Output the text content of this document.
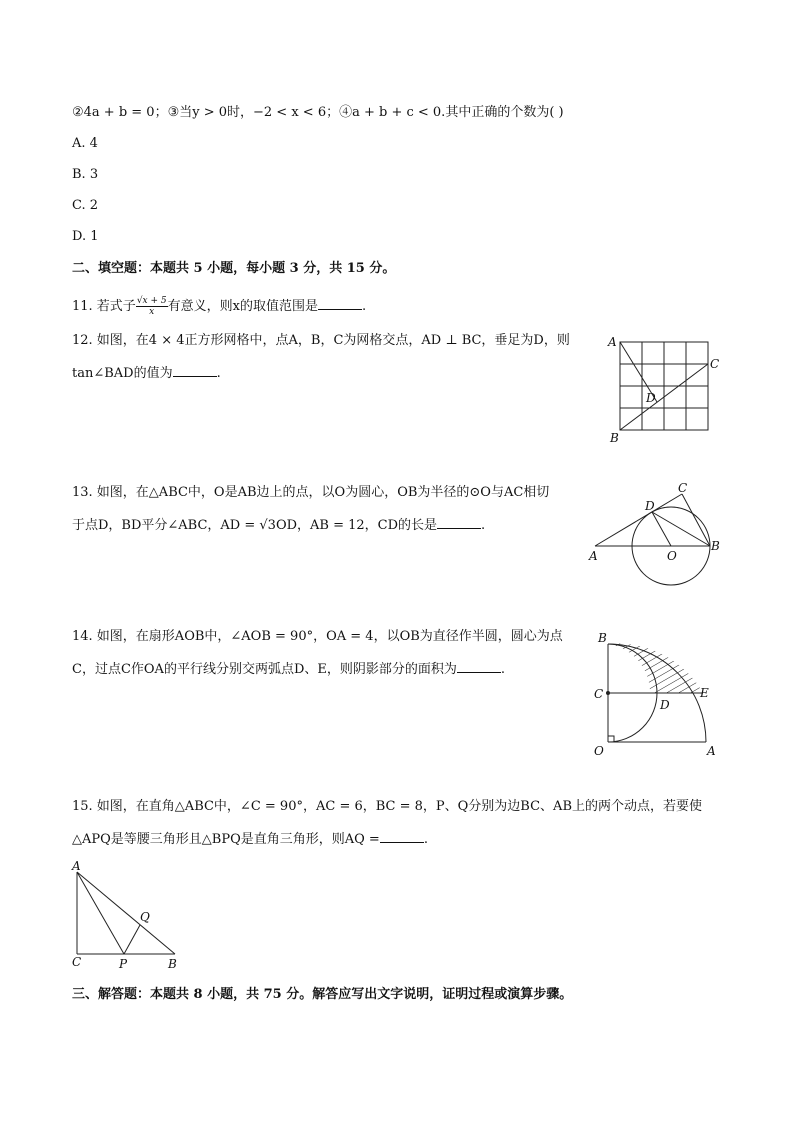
②4a + b = 0；③当y > 0时，−2 < x < 6；④a + b + c < 0.其中正确的个数为( )
A. 4
B. 3
C. 2
D. 1
二、填空题：本题共 5 小题，每小题 3 分，共 15 分。
11. 若式子 $\frac{√x + 5}{x}$ 有意义，则x的取值范围是	.
12. 如图，在4 × 4正方形网格中，点A，B，C为网格交点，AD ⊥ BC，垂足为D，则
tan∠BAD的值为	.
A
B
C
D
13. 如图，在△ABC中，O是AB边上的点，以O为圆心，OB为半径的⊙O与AC相切
于点D，BD平分∠ABC，AD = √3OD，AB = 12，CD的长是	.
A
B
C
D
O
14. 如图，在扇形AOB中，∠AOB = 90°，OA = 4，以OB为直径作半圆，圆心为点
C，过点C作OA的平行线分别交两弧点D、E，则阴影部分的面积为	.
B
C
D
E
O	A
15. 如图，在直角△ABC中，∠C = 90°，AC = 6，BC = 8，P、Q分别为边BC、AB上的两个动点，若要使
△APQ是等腰三角形且△BPQ是直角三角形，则AQ =	.
A
C	P
Q
B
三、解答题：本题共 8 小题，共 75 分。解答应写出文字说明，证明过程或演算步骤。
